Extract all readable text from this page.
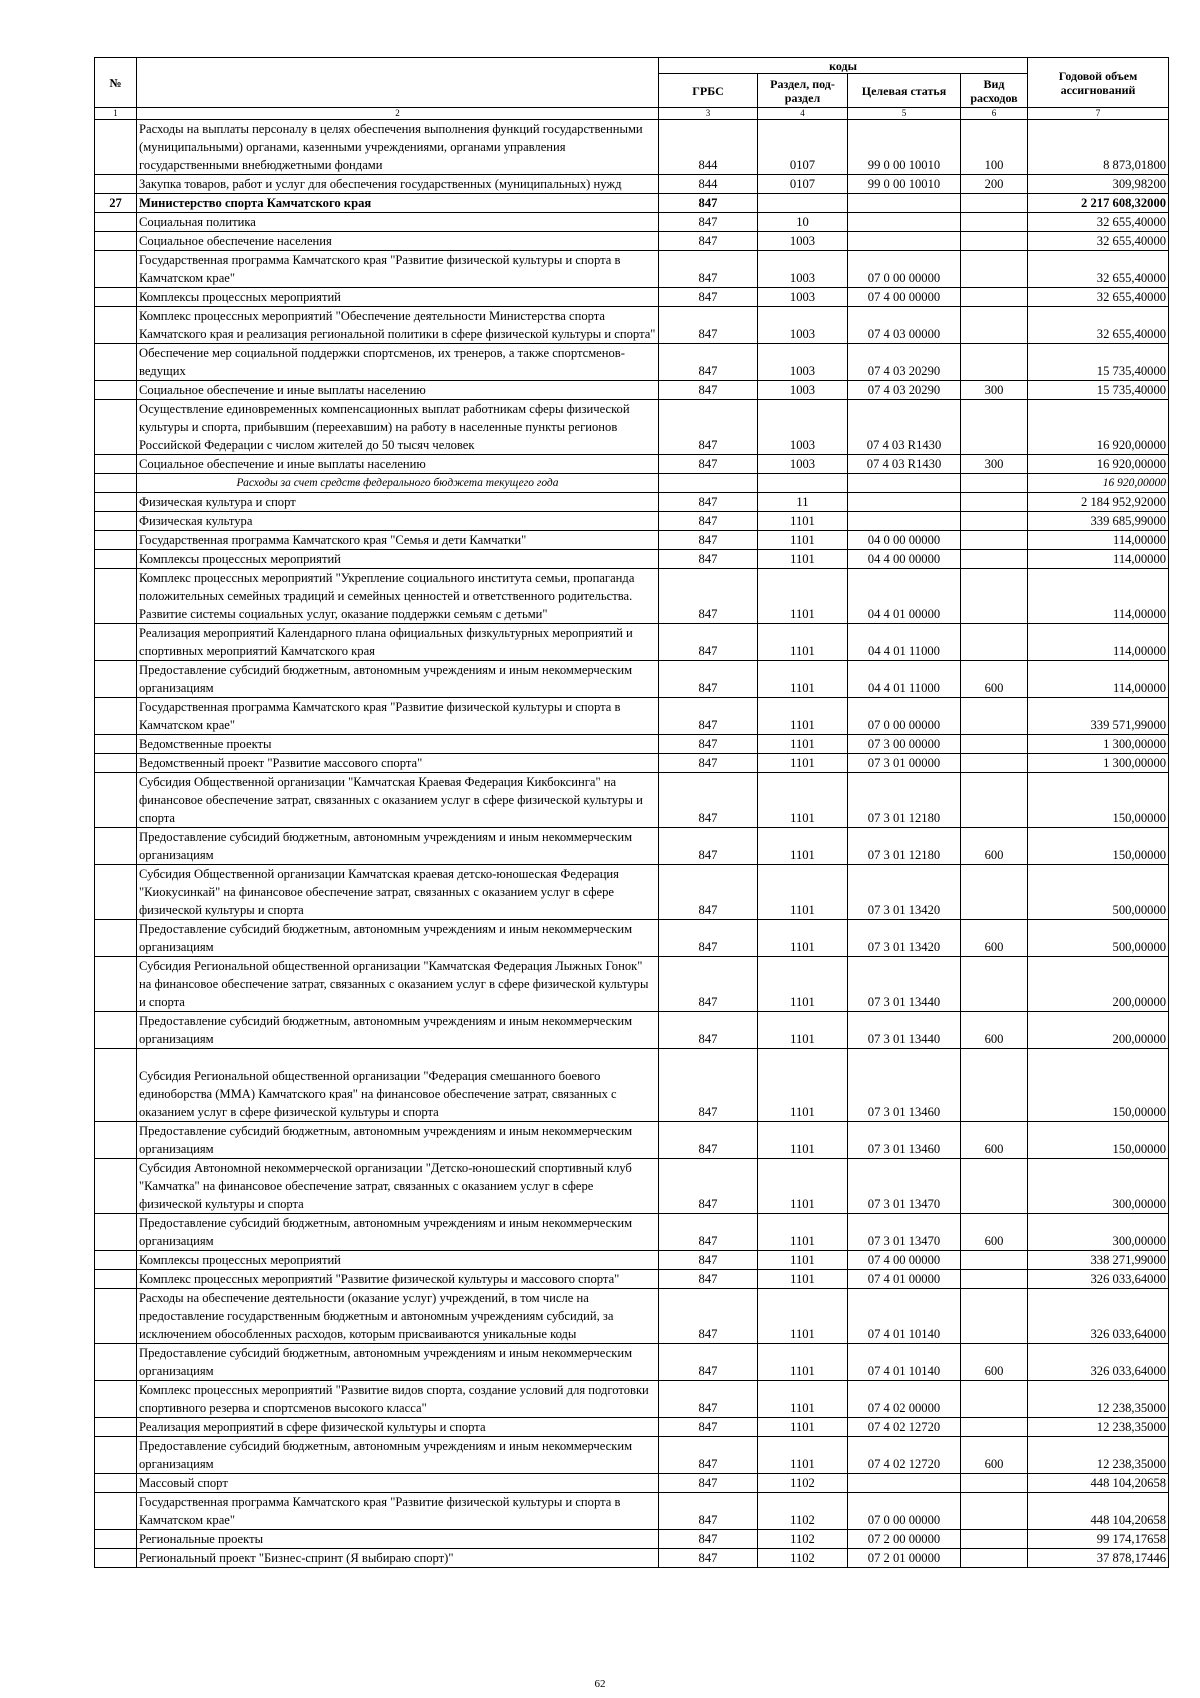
№		коды				Годовой объем ассигнований
		ГРБС	Раздел, под-раздел	Целевая статья	Вид расходов	
1	2	3	4	5	6	7
	Расходы на выплаты персоналу в целях обеспечения выполнения функций государственными (муниципальными) органами, казенными учреждениями, органами управления государственными внебюджетными фондами	844	0107	99 0 00 10010	100	8 873,01800
	Закупка товаров, работ и услуг для обеспечения государственных (муниципальных) нужд	844	0107	99 0 00 10010	200	309,98200
27	Министерство спорта Камчатского края	847				2 217 608,32000
	Социальная политика	847	10			32 655,40000
	Социальное обеспечение населения	847	1003			32 655,40000
	Государственная программа Камчатского края "Развитие физической культуры и спорта в Камчатском крае"	847	1003	07 0 00 00000		32 655,40000
	Комплексы процессных мероприятий	847	1003	07 4 00 00000		32 655,40000
	Комплекс процессных мероприятий "Обеспечение деятельности Министерства спорта Камчатского края и реализация региональной политики в сфере физической культуры и спорта"	847	1003	07 4 03 00000		32 655,40000
	Обеспечение мер социальной поддержки спортсменов, их тренеров, а также спортсменов-ведущих	847	1003	07 4 03 20290		15 735,40000
	Социальное обеспечение и иные выплаты населению	847	1003	07 4 03 20290	300	15 735,40000
	Осуществление единовременных компенсационных выплат работникам сферы физической культуры и спорта, прибывшим (переехавшим) на работу в населенные пункты регионов Российской Федерации с числом жителей до 50 тысяч человек	847	1003	07 4 03 R1430		16 920,00000
	Социальное обеспечение и иные выплаты населению	847	1003	07 4 03 R1430	300	16 920,00000
	Расходы за счет средств федерального бюджета текущего года					16 920,00000
	Физическая культура и спорт	847	11			2 184 952,92000
	Физическая культура	847	1101			339 685,99000
	Государственная программа Камчатского края "Семья и дети Камчатки"	847	1101	04 0 00 00000		114,00000
	Комплексы процессных мероприятий	847	1101	04 4 00 00000		114,00000
	Комплекс процессных мероприятий "Укрепление социального института семьи, пропаганда положительных семейных традиций и семейных ценностей и ответственного родительства. Развитие системы социальных услуг, оказание поддержки семьям с детьми"	847	1101	04 4 01 00000		114,00000
	Реализация мероприятий Календарного плана официальных физкультурных мероприятий и спортивных мероприятий Камчатского края	847	1101	04 4 01 11000		114,00000
	Предоставление субсидий бюджетным, автономным учреждениям и иным некоммерческим организациям	847	1101	04 4 01 11000	600	114,00000
	Государственная программа Камчатского края "Развитие физической культуры и спорта в Камчатском крае"	847	1101	07 0 00 00000		339 571,99000
	Ведомственные проекты	847	1101	07 3 00 00000		1 300,00000
	Ведомственный проект "Развитие массового спорта"	847	1101	07 3 01 00000		1 300,00000
	Субсидия Общественной организации "Камчатская Краевая Федерация Кикбоксинга" на финансовое обеспечение затрат, связанных с оказанием услуг в сфере физической культуры и спорта	847	1101	07 3 01 12180		150,00000
	Предоставление субсидий бюджетным, автономным учреждениям и иным некоммерческим организациям	847	1101	07 3 01 12180	600	150,00000
	Субсидия Общественной организации Камчатская краевая детско-юношеская Федерация "Киокусинкай" на финансовое обеспечение затрат, связанных с оказанием услуг в сфере физической культуры и спорта	847	1101	07 3 01 13420		500,00000
	Предоставление субсидий бюджетным, автономным учреждениям и иным некоммерческим организациям	847	1101	07 3 01 13420	600	500,00000
	Субсидия Региональной общественной организации "Камчатская Федерация Лыжных Гонок" на финансовое обеспечение затрат, связанных с оказанием услуг в сфере физической культуры и спорта	847	1101	07 3 01 13440		200,00000
	Предоставление субсидий бюджетным, автономным учреждениям и иным некоммерческим организациям	847	1101	07 3 01 13440	600	200,00000
	Субсидия Региональной общественной организации "Федерация смешанного боевого единоборства (ММА) Камчатского края" на финансовое обеспечение затрат, связанных с оказанием услуг в сфере физической культуры и спорта	847	1101	07 3 01 13460		150,00000
	Предоставление субсидий бюджетным, автономным учреждениям и иным некоммерческим организациям	847	1101	07 3 01 13460	600	150,00000
	Субсидия Автономной некоммерческой организации "Детско-юношеский спортивный клуб "Камчатка" на финансовое обеспечение затрат, связанных с оказанием услуг в сфере физической культуры и спорта	847	1101	07 3 01 13470		300,00000
	Предоставление субсидий бюджетным, автономным учреждениям и иным некоммерческим организациям	847	1101	07 3 01 13470	600	300,00000
	Комплексы процессных мероприятий	847	1101	07 4 00 00000		338 271,99000
	Комплекс процессных мероприятий "Развитие физической культуры и массового спорта"	847	1101	07 4 01 00000		326 033,64000
	Расходы на обеспечение деятельности (оказание услуг) учреждений, в том числе на предоставление государственным бюджетным и автономным учреждениям субсидий, за исключением обособленных расходов, которым присваиваются уникальные коды	847	1101	07 4 01 10140		326 033,64000
	Предоставление субсидий бюджетным, автономным учреждениям и иным некоммерческим организациям	847	1101	07 4 01 10140	600	326 033,64000
	Комплекс процессных мероприятий "Развитие видов спорта, создание условий для подготовки спортивного резерва и спортсменов высокого класса"	847	1101	07 4 02 00000		12 238,35000
	Реализация мероприятий в сфере физической культуры и спорта	847	1101	07 4 02 12720		12 238,35000
	Предоставление субсидий бюджетным, автономным учреждениям и иным некоммерческим организациям	847	1101	07 4 02 12720	600	12 238,35000
	Массовый спорт	847	1102			448 104,20658
	Государственная программа Камчатского края "Развитие физической культуры и спорта в Камчатском крае"	847	1102	07 0 00 00000		448 104,20658
	Региональные проекты	847	1102	07 2 00 00000		99 174,17658
	Региональный проект "Бизнес-спринт (Я выбираю спорт)"	847	1102	07 2 01 00000		37 878,17446
62
